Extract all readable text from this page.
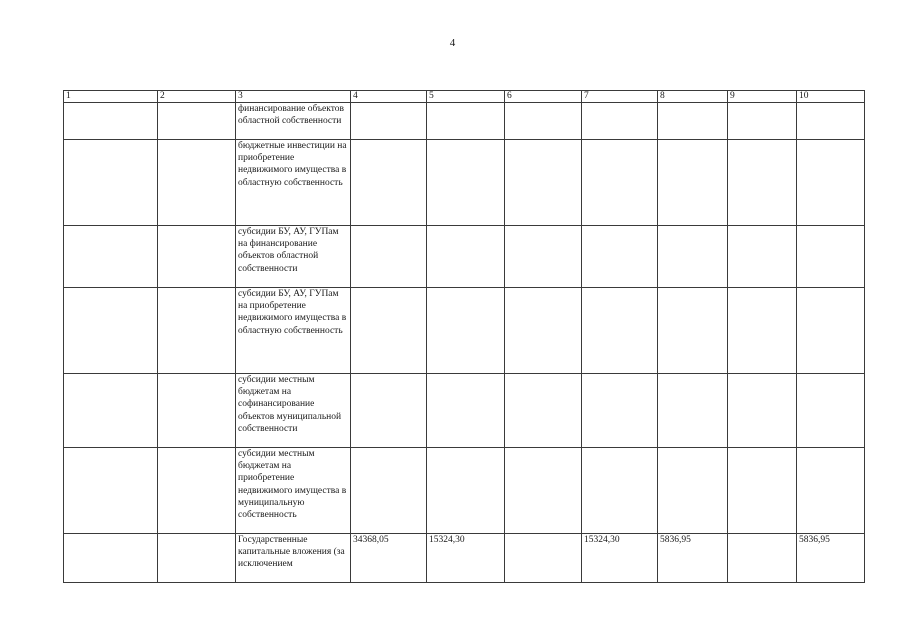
4
1	2	3	4	5	6	7	8	9	10
		финансирование объектов областной собственности							
		бюджетные инвестиции на приобретение недвижимого имущества в областную собственность							
		субсидии БУ, АУ, ГУПам на финансирование объектов областной собственности							
		субсидии БУ, АУ, ГУПам на приобретение недвижимого имущества в областную собственность							
		субсидии местным бюджетам на софинансирование объектов муниципальной собственности							
		субсидии местным бюджетам на приобретение недвижимого имущества в муниципальную собственность							
		Государственные капитальные вложения (за исключением	34368,05	15324,30		15324,30	5836,95		5836,95
